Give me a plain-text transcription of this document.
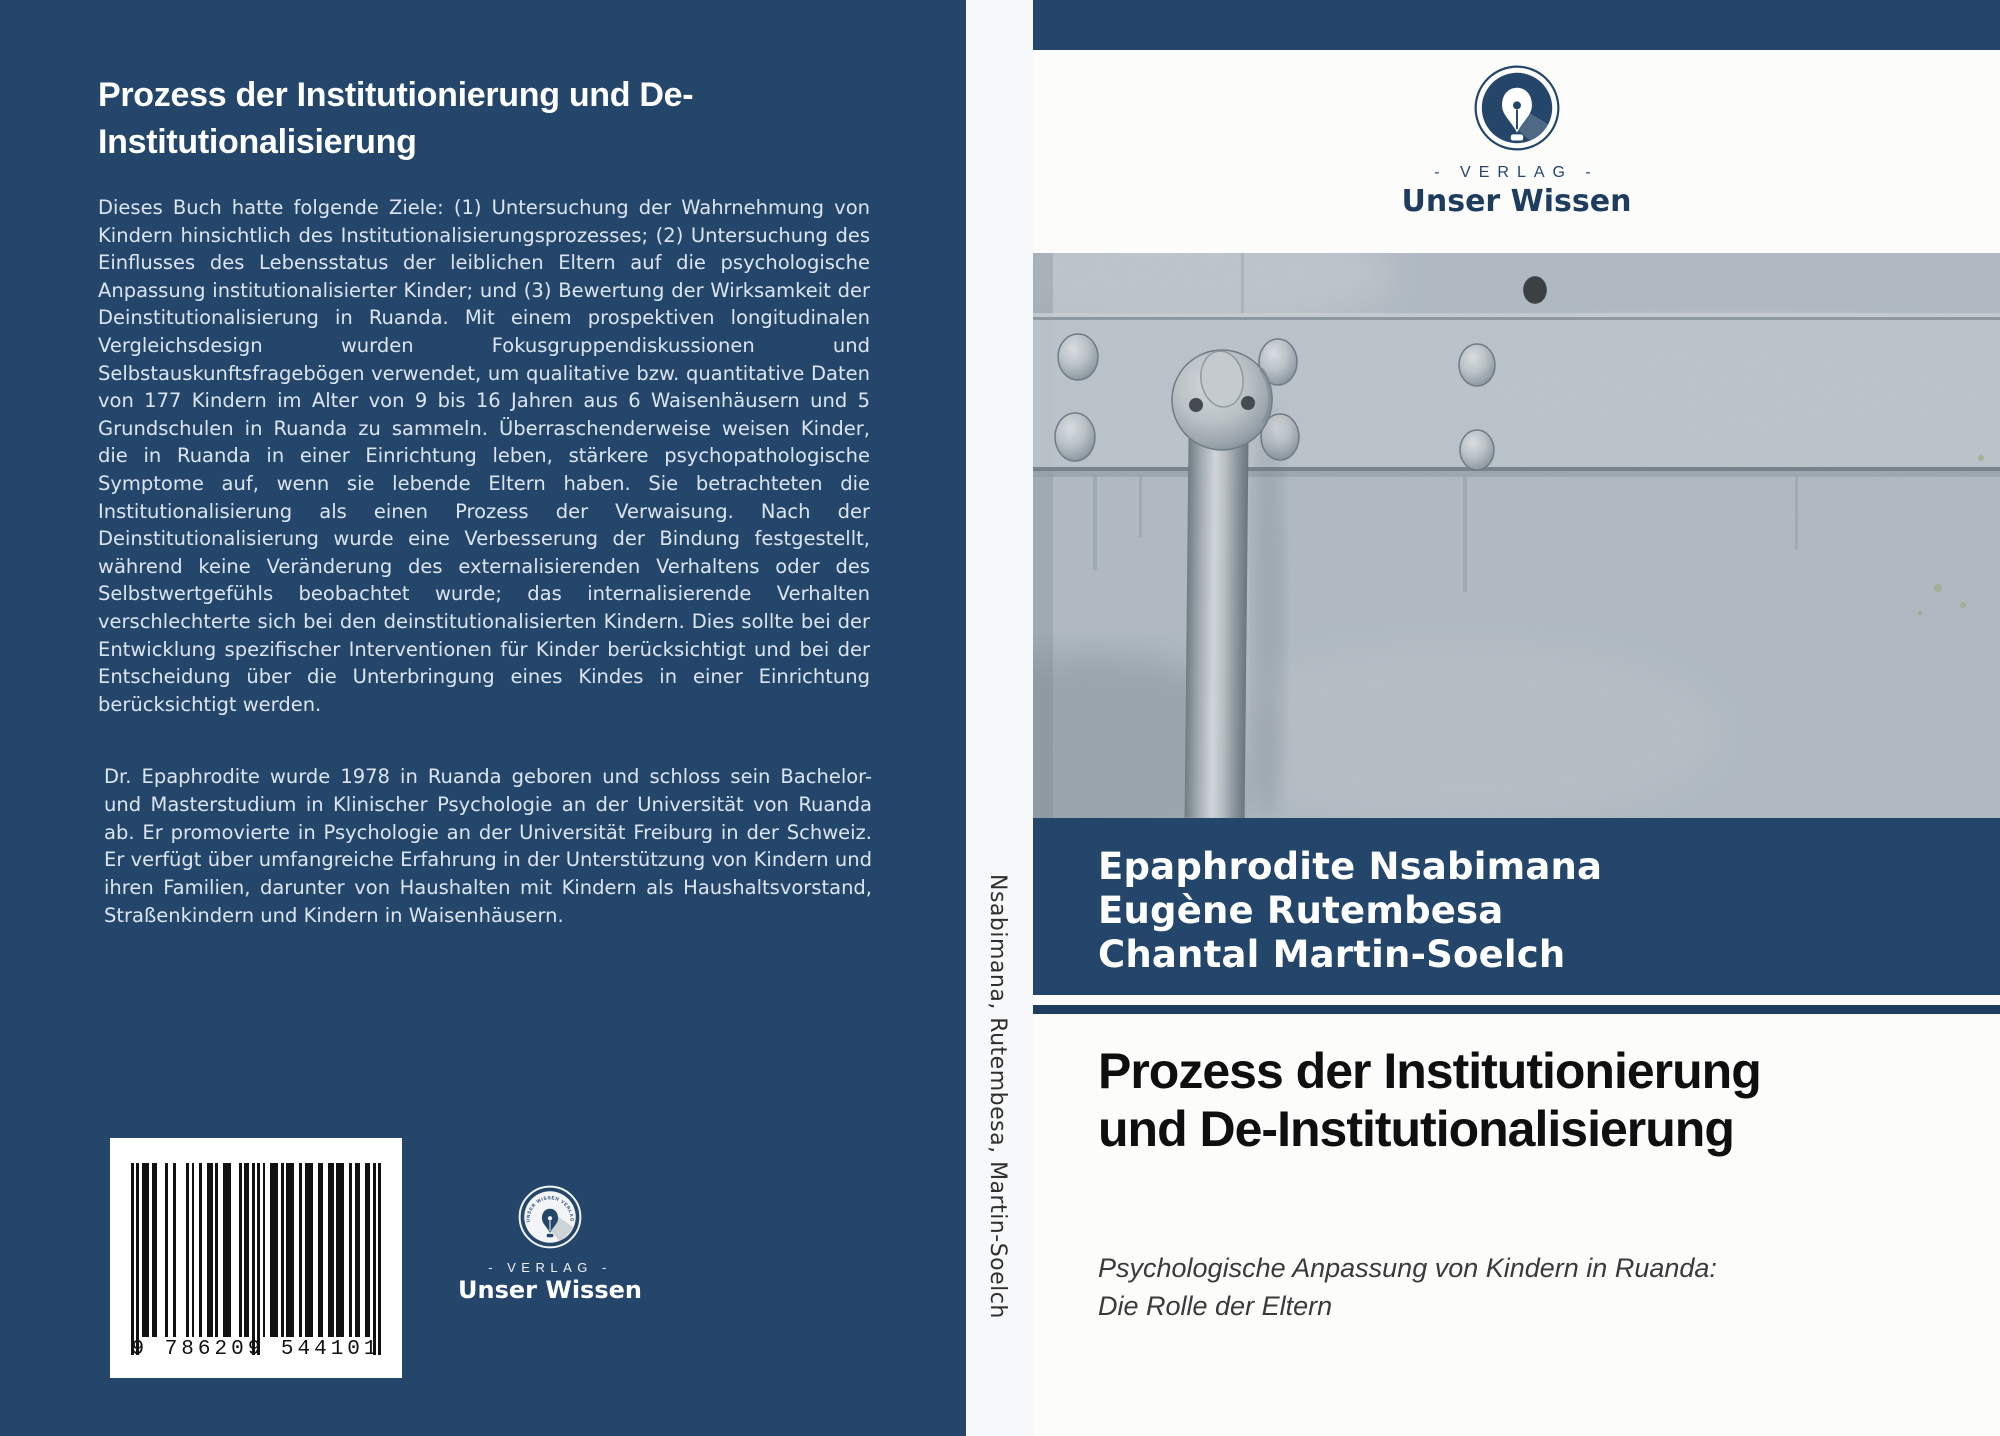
Prozess der Institutionierung und De-Institutionalisierung

Dieses Buch hatte folgende Ziele: (1) Untersuchung der Wahrnehmung von Kindern hinsichtlich des Institutionalisierungsprozesses; (2) Untersuchung des Einflusses des Lebensstatus der leiblichen Eltern auf die psychologische Anpassung institutionalisierter Kinder; und (3) Bewertung der Wirksamkeit der Deinstitutionalisierung in Ruanda. Mit einem prospektiven longitudinalen Vergleichsdesign wurden Fokusgruppendiskussionen und Selbstauskunftsfragebögen verwendet, um qualitative bzw. quantitative Daten von 177 Kindern im Alter von 9 bis 16 Jahren aus 6 Waisenhäusern und 5 Grundschulen in Ruanda zu sammeln. Überraschenderweise weisen Kinder, die in Ruanda in einer Einrichtung leben, stärkere psychopathologische Symptome auf, wenn sie lebende Eltern haben. Sie betrachteten die Institutionalisierung als einen Prozess der Verwaisung. Nach der Deinstitutionalisierung wurde eine Verbesserung der Bindung festgestellt, während keine Veränderung des externalisierenden Verhaltens oder des Selbstwertgefühls beobachtet wurde; das internalisierende Verhalten verschlechterte sich bei den deinstitutionalisierten Kindern. Dies sollte bei der Entwicklung spezifischer Interventionen für Kinder berücksichtigt und bei der Entscheidung über die Unterbringung eines Kindes in einer Einrichtung berücksichtigt werden.

Dr. Epaphrodite wurde 1978 in Ruanda geboren und schloss sein Bachelor- und Masterstudium in Klinischer Psychologie an der Universität von Ruanda ab. Er promovierte in Psychologie an der Universität Freiburg in der Schweiz. Er verfügt über umfangreiche Erfahrung in der Unterstützung von Kindern und ihren Familien, darunter von Haushalten mit Kindern als Haushaltsvorstand, Straßenkindern und Kindern in Waisenhäusern.

9 786209 544101
UNSER WISSEN VERLAG
- VERLAG -
Unser Wissen	Nsabimana, Rutembesa, Martin-Soelch
- VERLAG -
Unser Wissen

Epaphrodite Nsabimana

Eugène Rutembesa

Chantal Martin-Soelch

Prozess der Institutionierung und De-Institutionalisierung

Psychologische Anpassung von Kindern in Ruanda: Die Rolle der Eltern
